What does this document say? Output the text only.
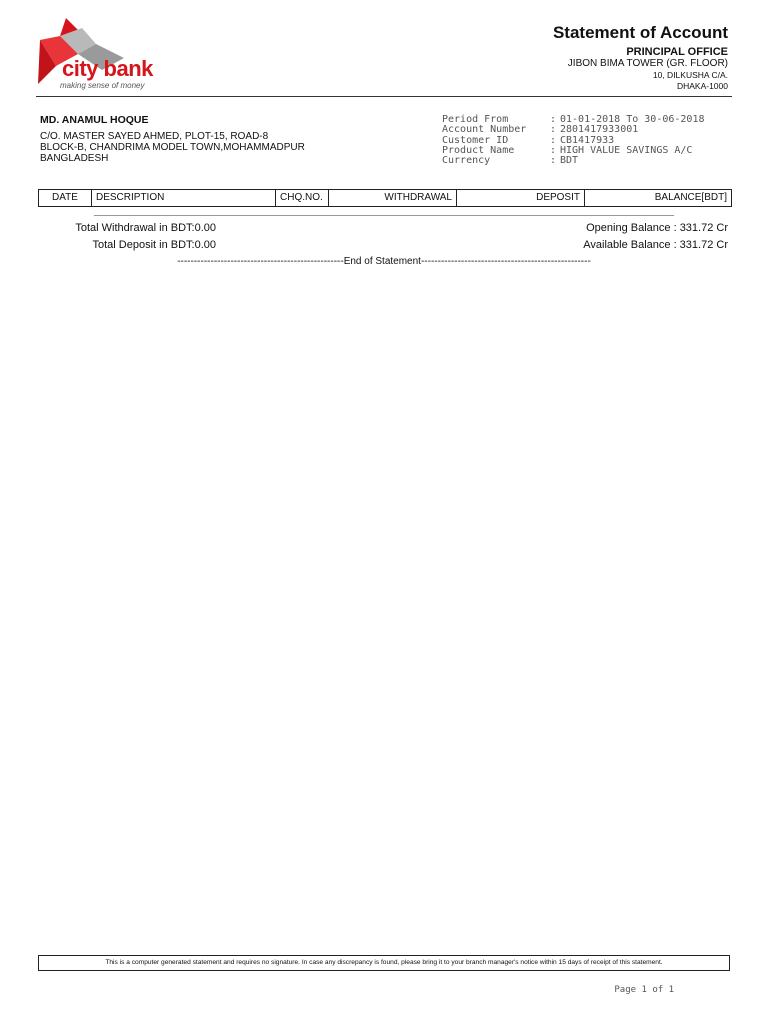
city bank
making sense of money
Statement of Account
PRINCIPAL OFFICE
JIBON BIMA TOWER (GR. FLOOR)
10, DILKUSHA C/A.
DHAKA-1000
MD. ANAMUL HOQUE
C/O. MASTER SAYED AHMED, PLOT-15, ROAD-8
BLOCK-B, CHANDRIMA MODEL TOWN,MOHAMMADPUR
BANGLADESH
Period From	: 01-01-2018 To 30-06-2018
Account Number	: 2801417933001
Customer ID	: CB1417933
Product Name	: HIGH VALUE SAVINGS A/C
Currency	: BDT
DATE	DESCRIPTION	CHQ.NO.	WITHDRAWAL	DEPOSIT	BALANCE[BDT]
Total Withdrawal in BDT:0.00
Total Deposit in BDT:0.00
Opening Balance : 331.72 Cr
Available Balance : 331.72 Cr
--------------------------------------------------End of Statement---------------------------------------------------
This is a computer generated statement and requires no signature. In case any discrepancy is found, please bring it to your branch manager's notice within 15 days of receipt of this statement.
Page 1 of 1
